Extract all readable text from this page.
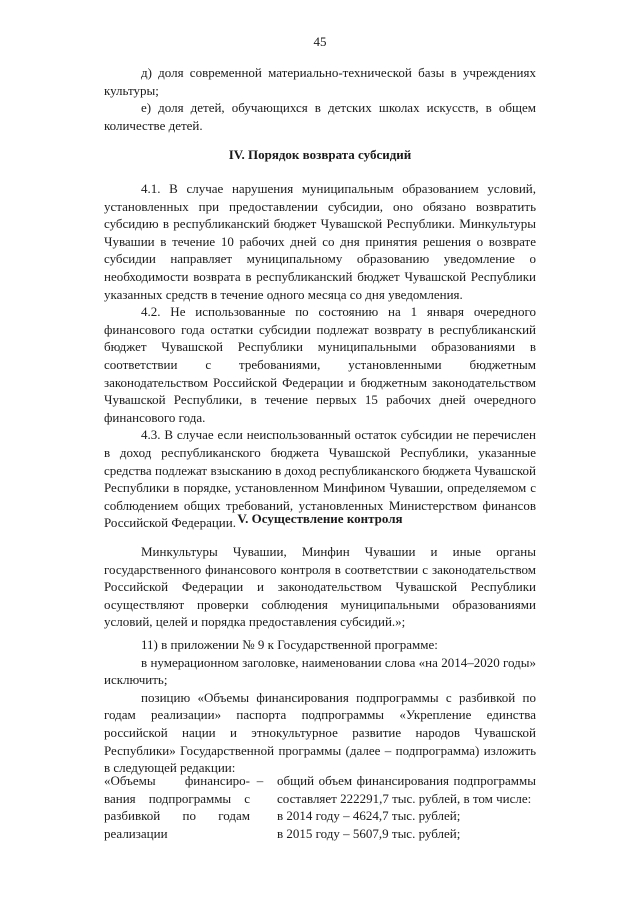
45

д) доля современной материально-технической базы в учреждениях культуры;

е) доля детей, обучающихся в детских школах искусств, в общем количестве детей.

IV. Порядок возврата субсидий

4.1. В случае нарушения муниципальным образованием условий, установленных при предоставлении субсидии, оно обязано возвратить субсидию в республиканский бюджет Чувашской Республики. Минкультуры Чувашии в течение 10 рабочих дней со дня принятия решения о возврате субсидии направляет муниципальному образованию уведомление о необходимости возврата в республиканский бюджет Чувашской Республики указанных средств в течение одного месяца со дня уведомления.

4.2. Не использованные по состоянию на 1 января очередного финансового года остатки субсидии подлежат возврату в республиканский бюджет Чувашской Республики муниципальными образованиями в соответствии с требованиями, установленными бюджетным законодательством Российской Федерации и бюджетным законодательством Чувашской Республики, в течение первых 15 рабочих дней очередного финансового года.

4.3. В случае если неиспользованный остаток субсидии не перечислен в доход республиканского бюджета Чувашской Республики, указанные средства подлежат взысканию в доход республиканского бюджета Чувашской Республики в порядке, установленном Минфином Чувашии, определяемом с соблюдением общих требований, установленных Министерством финансов Российской Федерации. V. Осуществление контроля

Минкультуры Чувашии, Минфин Чувашии и иные органы государственного финансового контроля в соответствии с законодательством Российской Федерации и законодательством Чувашской Республики осуществляют проверки соблюдения муниципальными образованиями условий, целей и порядка предоставления субсидий.»;

11) в приложении № 9 к Государственной программе:

в нумерационном заголовке, наименовании слова «на 2014–2020 годы» исключить;

позицию «Объемы финансирования подпрограммы с разбивкой по годам реализации» паспорта подпрограммы «Укрепление единства российской нации и этнокультурное развитие народов Чувашской Республики» Государственной программы (далее – подпрограмма) изложить в следующей редакции:

«Объемы финансиро-
вания подпрограммы с
разбивкой по годам
реализации
– общий объем финансирования подпрограммы составляет 222291,7 тыс. рублей, в том числе:
в 2014 году – 4624,7 тыс. рублей;
в 2015 году – 5607,9 тыс. рублей;
